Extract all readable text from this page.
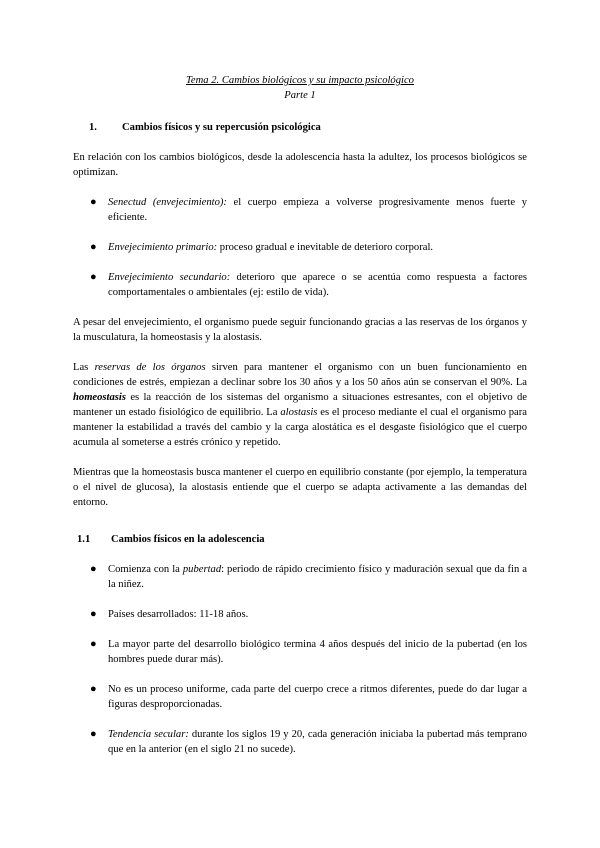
Tema 2. Cambios biológicos y su impacto psicológico
Parte 1
1.	Cambios físicos y su repercusión psicológica

En relación con los cambios biológicos, desde la adolescencia hasta la adultez, los procesos biológicos se optimizan.

● Senectud (envejecimiento): el cuerpo empieza a volverse progresivamente menos fuerte y eficiente.
● Envejecimiento primario: proceso gradual e inevitable de deterioro corporal.
● Envejecimiento secundario: deterioro que aparece o se acentúa como respuesta a factores comportamentales o ambientales (ej: estilo de vida).

A pesar del envejecimiento, el organismo puede seguir funcionando gracias a las reservas de los órganos y la musculatura, la homeostasis y la alostasis.

Las reservas de los órganos sirven para mantener el organismo con un buen funcionamiento en condiciones de estrés, empiezan a declinar sobre los 30 años y a los 50 años aún se conservan el 90%. La homeostasis es la reacción de los sistemas del organismo a situaciones estresantes, con el objetivo de mantener un estado fisiológico de equilibrio. La alostasis es el proceso mediante el cual el organismo para mantener la estabilidad a través del cambio y la carga alostática es el desgaste fisiológico que el cuerpo acumula al someterse a estrés crónico y repetido.

Mientras que la homeostasis busca mantener el cuerpo en equilibrio constante (por ejemplo, la temperatura o el nivel de glucosa), la alostasis entiende que el cuerpo se adapta activamente a las demandas del entorno.

1.1	Cambios físicos en la adolescencia
● Comienza con la pubertad: periodo de rápido crecimiento físico y maduración sexual que da fin a la niñez.
● Países desarrollados: 11-18 años.
● La mayor parte del desarrollo biológico termina 4 años después del inicio de la pubertad (en los hombres puede durar más).
● No es un proceso uniforme, cada parte del cuerpo crece a ritmos diferentes, puede do dar lugar a figuras desproporcionadas.
● Tendencia secular: durante los siglos 19 y 20, cada generación iniciaba la pubertad más temprano que en la anterior (en el siglo 21 no sucede).
